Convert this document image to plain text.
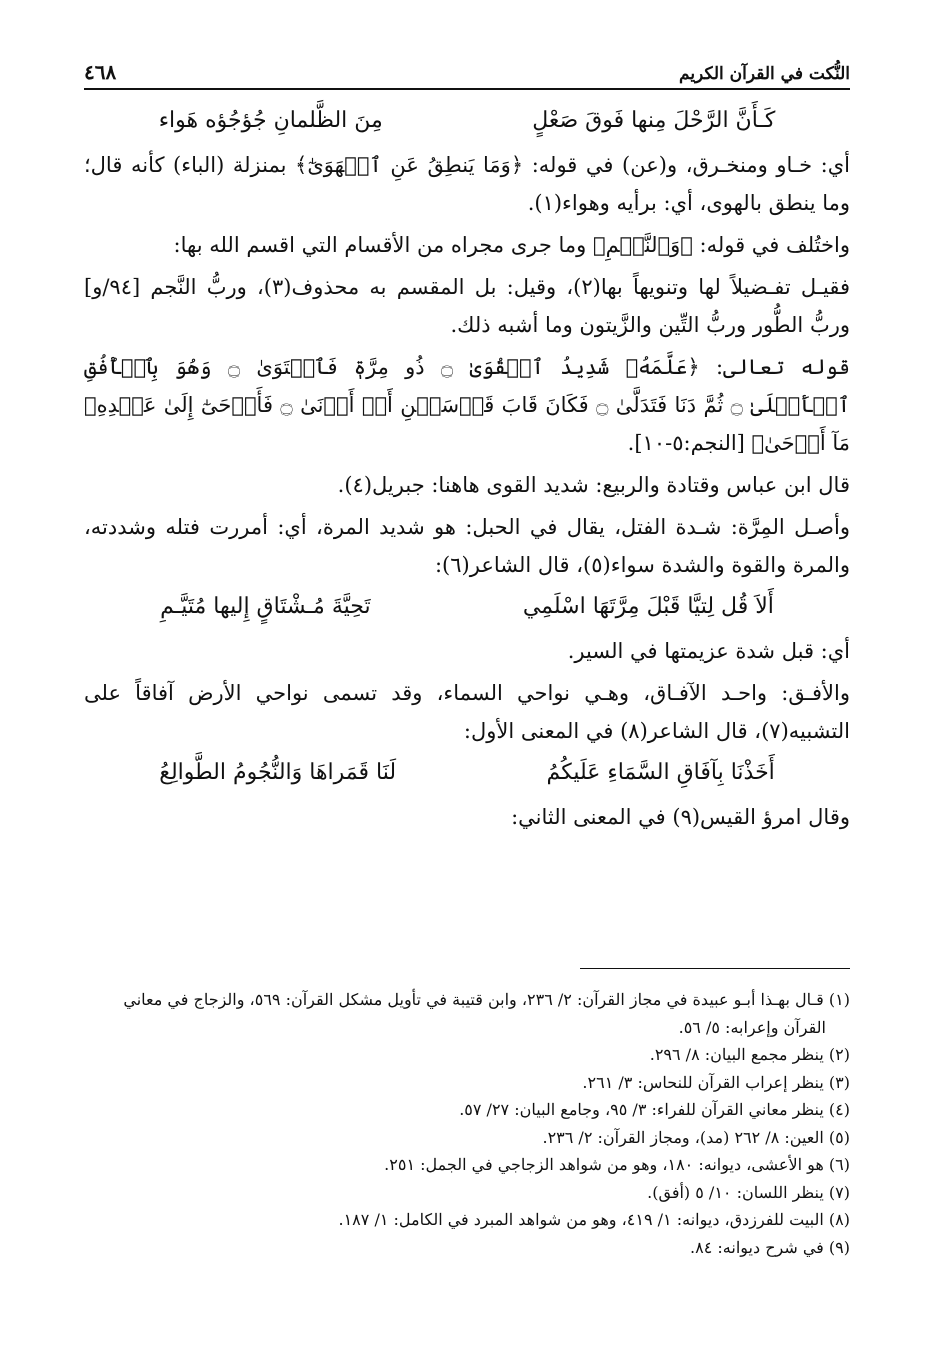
النُّكت في القرآن الكريم
٤٦٨
كَـأَنَّ الرَّحْلَ مِنها فَوقَ صَعْلٍ
مِنَ الظَّلمانِ جُؤجُؤه هَواء

أي: خـاو ومنخـرق، و(عن) في قوله: ﴿وَمَا يَنطِقُ عَنِ ٱلۡهَوَىٰٓ﴾ بمنزلة (الباء) كأنه قال؛ وما ينطق بالهوى، أي: برأيه وهواء(١).

واختُلف في قوله: ﴿وَٱلنَّجۡمِ﴾ وما جرى مجراه من الأقسام التي اقسم الله بها:

فقيـل تفـضيلاً لها وتنويهاً بها(٢)، وقيل: بل المقسم به محذوف(٣)، وربُّ النَّجم [٩٤/و] وربُّ الطُّور وربُّ التِّين والزَّيتون وما أشبه ذلك.

قوله تعالى: ﴿عَلَّمَهُۥ شَدِيدُ ٱلۡقُوَىٰ ۝ ذُو مِرَّةٖ فَٱسۡتَوَىٰ ۝ وَهُوَ بِٱلۡأُفُقِ ٱلۡأَعۡلَىٰ ۝ ثُمَّ دَنَا فَتَدَلَّىٰ ۝ فَكَانَ قَابَ قَوۡسَيۡنِ أَوۡ أَدۡنَىٰ ۝ فَأَوۡحَىٰٓ إِلَىٰ عَبۡدِهِۦ مَآ أَوۡحَىٰ﴾ [النجم:٥-١٠].

قال ابن عباس وقتادة والربيع: شديد القوى هاهنا: جبريل(٤).

وأصـل المِرَّة: شـدة الفتل، يقال في الحبل: هو شديد المرة، أي: أمررت فتله وشددته، والمرة والقوة والشدة سواء(٥)، قال الشاعر(٦):

أَلاَ قُل لِتيَّا قَبْلَ مِرَّتَهَا اسْلَمِي
تَحِيَّةَ مُـشْتَاقٍ إِليها مُتَيَّـمِ

أي: قبل شدة عزيمتها في السير.

والأفـق: واحـد الآفـاق، وهـي نواحي السماء، وقد تسمى نواحي الأرض آفاقاً على التشبيه(٧)، قال الشاعر(٨) في المعنى الأول:

أَخَذْنَا بِآفَاقِ السَّمَاءِ عَلَيكُمُ
لَنَا قَمَراهَا وَالنُّجُومُ الطَّوالِعُ

وقال امرؤ القيس(٩) في المعنى الثاني:

(١) قـال بهـذا أبـو عبيدة في مجاز القرآن: ٢/ ٢٣٦، وابن قتيبة في تأويل مشكل القرآن: ٥٦٩، والزجاج في معاني

القرآن وإعرابه: ٥/ ٥٦.

(٢) ينظر مجمع البيان: ٨/ ٢٩٦.

(٣) ينظر إعراب القرآن للنحاس: ٣/ ٢٦١.

(٤) ينظر معاني القرآن للفراء: ٣/ ٩٥، وجامع البيان: ٢٧/ ٥٧.

(٥) العين: ٨/ ٢٦٢ (مد)، ومجاز القرآن: ٢/ ٢٣٦.

(٦) هو الأعشى، ديوانه: ١٨٠، وهو من شواهد الزجاجي في الجمل: ٢٥١.

(٧) ينظر اللسان: ١٠/ ٥ (أفق).

(٨) البيت للفرزدق، ديوانه: ١/ ٤١٩، وهو من شواهد المبرد في الكامل: ١/ ١٨٧.

(٩) في شرح ديوانه: ٨٤.
